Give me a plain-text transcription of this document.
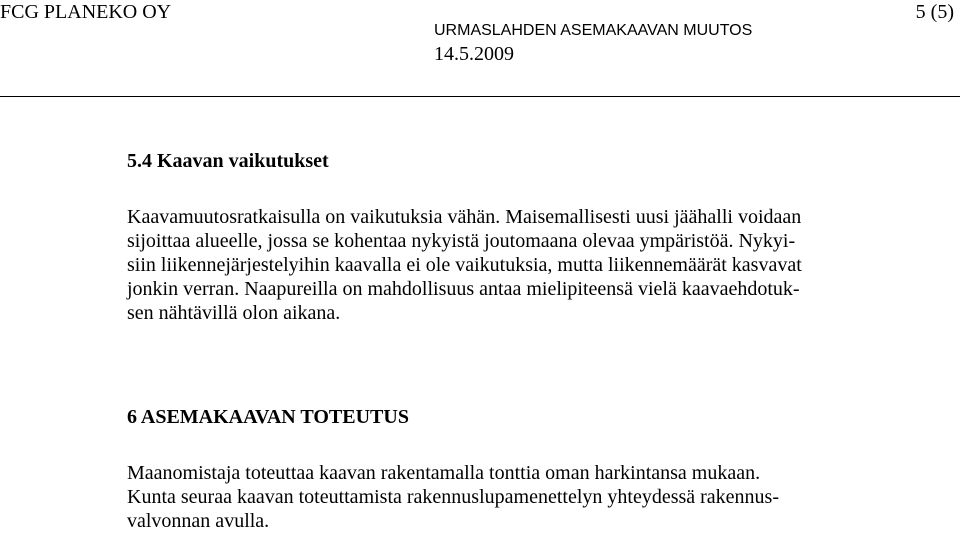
FCG PLANEKO OY	5 (5)
URMASLAHDEN ASEMAKAAVAN MUUTOS
14.5.2009
5.4 Kaavan vaikutukset
Kaavamuutosratkaisulla on vaikutuksia vähän. Maisemallisesti uusi jäähalli voidaan
sijoittaa alueelle, jossa se kohentaa nykyistä joutomaana olevaa ympäristöä. Nykyi-
siin liikennejärjestelyihin kaavalla ei ole vaikutuksia, mutta liikennemäärät kasvavat
jonkin verran. Naapureilla on mahdollisuus antaa mielipiteensä vielä kaavaehdotuk-
sen nähtävillä olon aikana.
6 ASEMAKAAVAN TOTEUTUS
Maanomistaja toteuttaa kaavan rakentamalla tonttia oman harkintansa mukaan.
Kunta seuraa kaavan toteuttamista rakennuslupamenettelyn yhteydessä rakennus-
valvonnan avulla.
